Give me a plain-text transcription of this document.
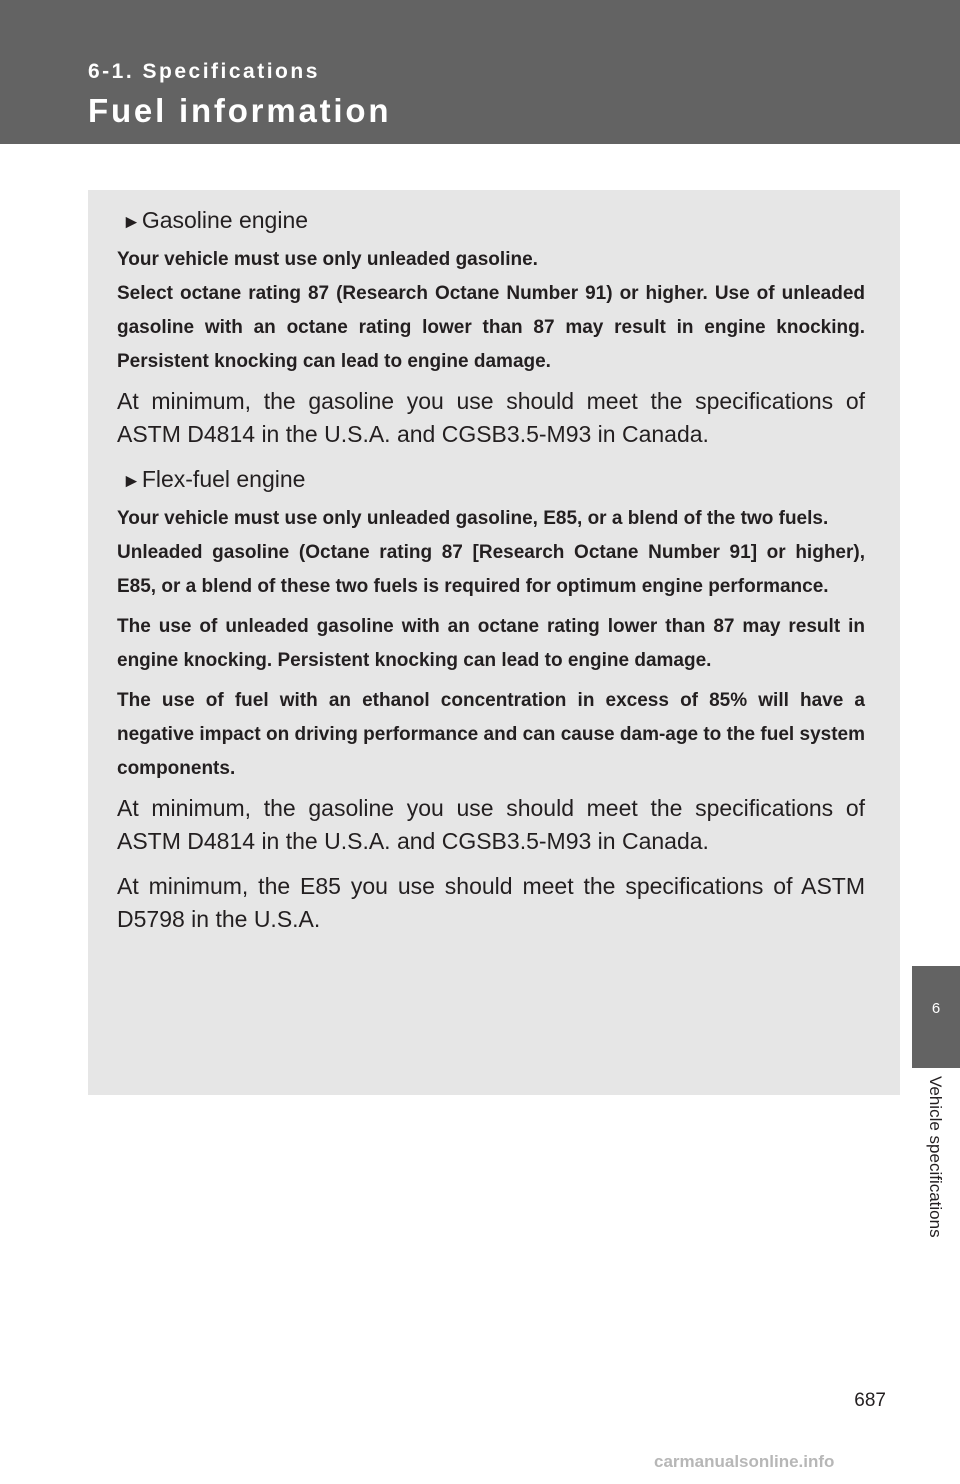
6-1. Specifications
Fuel information

►Gasoline engine

Your vehicle must use only unleaded gasoline.

Select octane rating 87 (Research Octane Number 91) or higher. Use of unleaded gasoline with an octane rating lower than 87 may result in engine knocking. Persistent knocking can lead to engine damage.

At minimum, the gasoline you use should meet the specifications of ASTM D4814 in the U.S.A. and CGSB3.5-M93 in Canada.

►Flex-fuel engine

Your vehicle must use only unleaded gasoline, E85, or a blend of the two fuels.

Unleaded gasoline (Octane rating 87 [Research Octane Number 91] or higher), E85, or a blend of these two fuels is required for optimum engine performance.

The use of unleaded gasoline with an octane rating lower than 87 may result in engine knocking. Persistent knocking can lead to engine damage.

The use of fuel with an ethanol concentration in excess of 85% will have a negative impact on driving performance and can cause dam-age to the fuel system components.

At minimum, the gasoline you use should meet the specifications of ASTM D4814 in the U.S.A. and CGSB3.5-M93 in Canada.

At minimum, the E85 you use should meet the specifications of ASTM D5798 in the U.S.A.

6
Vehicle specifications
687
carmanualsonline.info
